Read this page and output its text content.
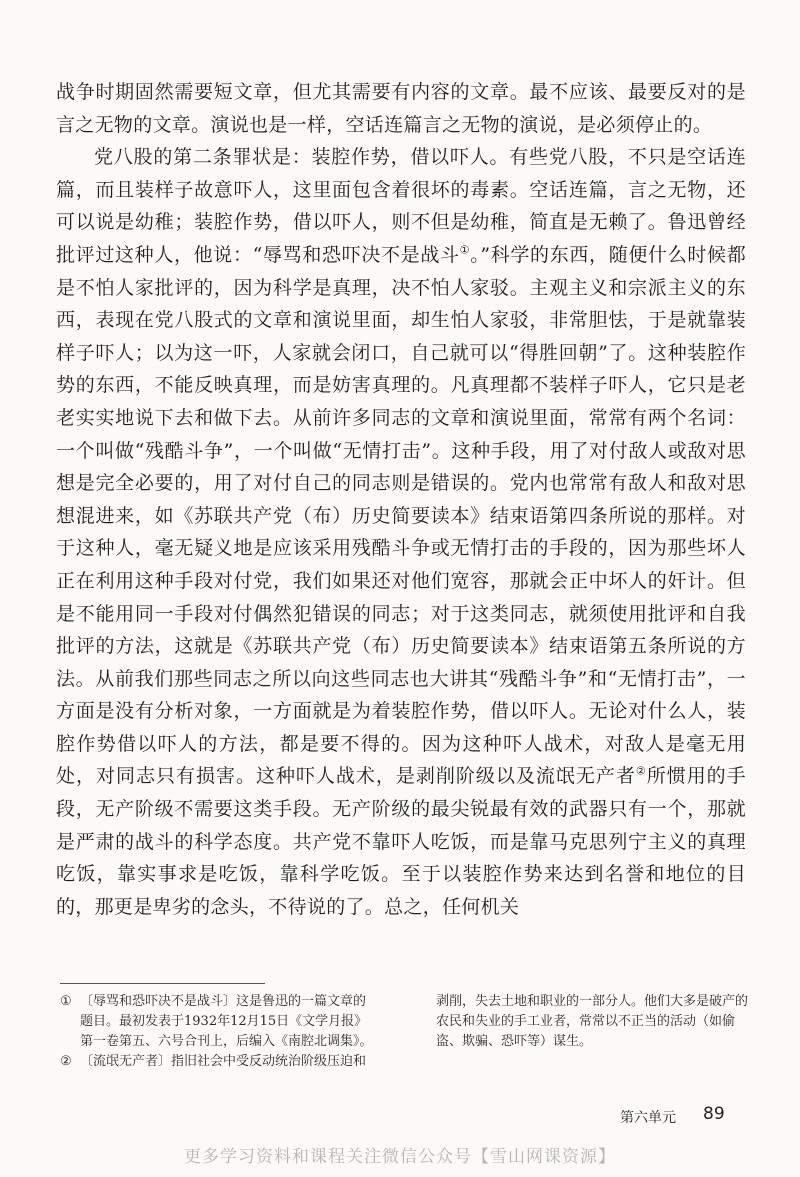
战争时期固然需要短文章，但尤其需要有内容的文章。最不应该、最要反对的是言之无物的文章。演说也是一样，空话连篇言之无物的演说，是必须停止的。

党八股的第二条罪状是：装腔作势，借以吓人。有些党八股，不只是空话连篇，而且装样子故意吓人，这里面包含着很坏的毒素。空话连篇，言之无物，还可以说是幼稚；装腔作势，借以吓人，则不但是幼稚，简直是无赖了。鲁迅曾经批评过这种人，他说：“辱骂和恐吓决不是战斗①。”科学的东西，随便什么时候都是不怕人家批评的，因为科学是真理，决不怕人家驳。主观主义和宗派主义的东西，表现在党八股式的文章和演说里面，却生怕人家驳，非常胆怯，于是就靠装样子吓人；以为这一吓，人家就会闭口，自己就可以“得胜回朝”了。这种装腔作势的东西，不能反映真理，而是妨害真理的。凡真理都不装样子吓人，它只是老老实实地说下去和做下去。从前许多同志的文章和演说里面，常常有两个名词：一个叫做“残酷斗争”，一个叫做“无情打击”。这种手段，用了对付敌人或敌对思想是完全必要的，用了对付自己的同志则是错误的。党内也常常有敌人和敌对思想混进来，如《苏联共产党（布）历史简要读本》结束语第四条所说的那样。对于这种人，毫无疑义地是应该采用残酷斗争或无情打击的手段的，因为那些坏人正在利用这种手段对付党，我们如果还对他们宽容，那就会正中坏人的奸计。但是不能用同一手段对付偶然犯错误的同志；对于这类同志，就须使用批评和自我批评的方法，这就是《苏联共产党（布）历史简要读本》结束语第五条所说的方法。从前我们那些同志之所以向这些同志也大讲其“残酷斗争”和“无情打击”，一方面是没有分析对象，一方面就是为着装腔作势，借以吓人。无论对什么人，装腔作势借以吓人的方法，都是要不得的。因为这种吓人战术，对敌人是毫无用处，对同志只有损害。这种吓人战术，是剥削阶级以及流氓无产者②所惯用的手段，无产阶级不需要这类手段。无产阶级的最尖锐最有效的武器只有一个，那就是严肃的战斗的科学态度。共产党不靠吓人吃饭，而是靠马克思列宁主义的真理吃饭，靠实事求是吃饭，靠科学吃饭。至于以装腔作势来达到名誉和地位的目的，那更是卑劣的念头，不待说的了。总之，任何机关

① 〔辱骂和恐吓决不是战斗〕这是鲁迅的一篇文章的题目。最初发表于1932年12月15日《文学月报》第一卷第五、六号合刊上，后编入《南腔北调集》。

② 〔流氓无产者〕指旧社会中受反动统治阶级压迫和

剥削，失去土地和职业的一部分人。他们大多是破产的农民和失业的手工业者，常常以不正当的活动（如偷盗、欺骗、恐吓等）谋生。

第六单元 89
更多学习资料和课程关注微信公众号【雪山网课资源】
